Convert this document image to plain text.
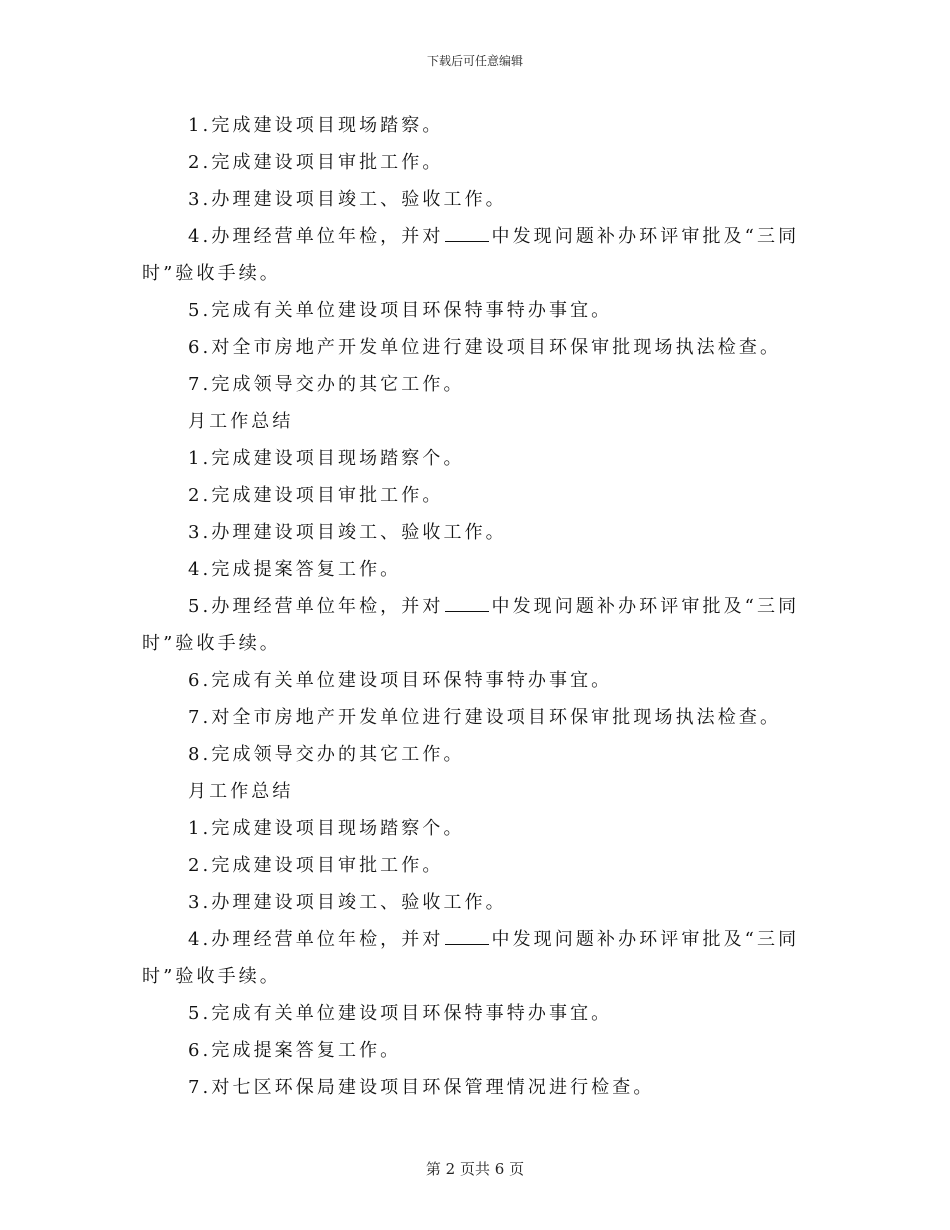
下载后可任意编辑

1.完成建设项目现场踏察。

2.完成建设项目审批工作。

3.办理建设项目竣工、验收工作。

4.办理经营单位年检，并对	中发现问题补办环评审批及“三同时”验收手续。

5.完成有关单位建设项目环保特事特办事宜。

6.对全市房地产开发单位进行建设项目环保审批现场执法检查。

7.完成领导交办的其它工作。

月工作总结

1.完成建设项目现场踏察个。

2.完成建设项目审批工作。

3.办理建设项目竣工、验收工作。

4.完成提案答复工作。

5.办理经营单位年检，并对	中发现问题补办环评审批及“三同时”验收手续。

6.完成有关单位建设项目环保特事特办事宜。

7.对全市房地产开发单位进行建设项目环保审批现场执法检查。

8.完成领导交办的其它工作。

月工作总结

1.完成建设项目现场踏察个。

2.完成建设项目审批工作。

3.办理建设项目竣工、验收工作。

4.办理经营单位年检，并对	中发现问题补办环评审批及“三同时”验收手续。

5.完成有关单位建设项目环保特事特办事宜。

6.完成提案答复工作。

7.对七区环保局建设项目环保管理情况进行检查。

第 2 页共 6 页
